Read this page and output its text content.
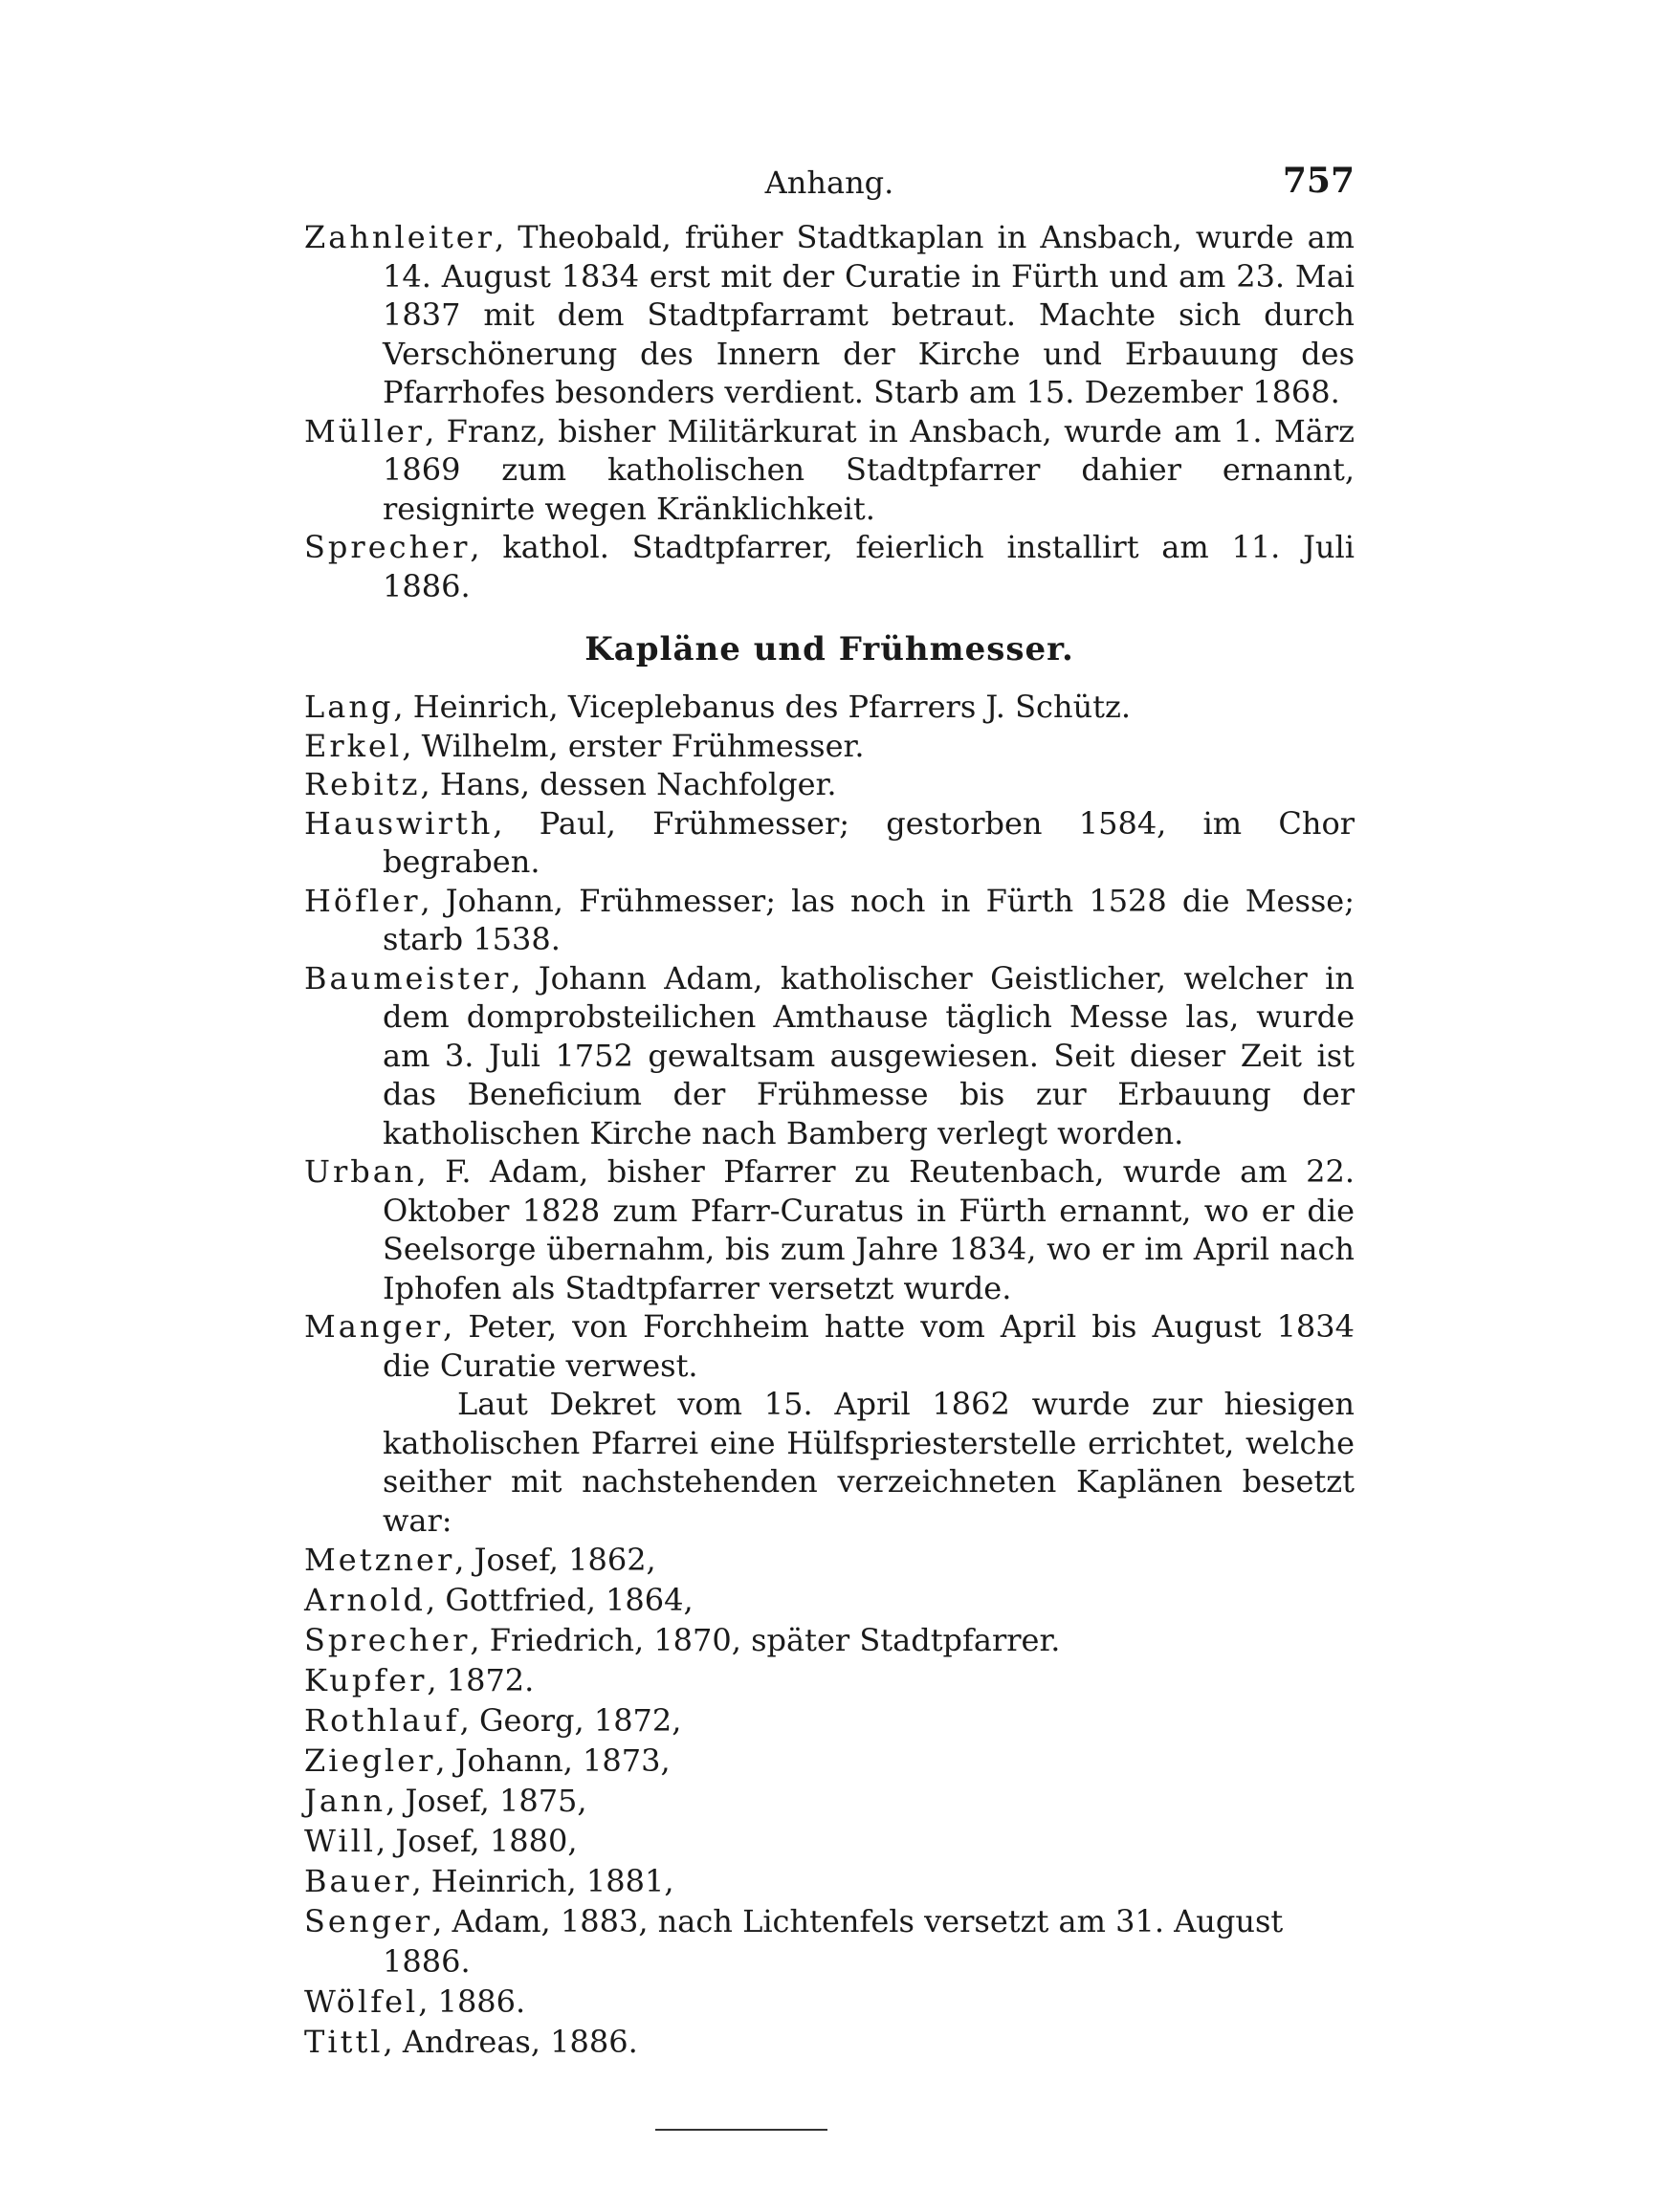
Anhang.	757

Zahnleiter, Theobald, früher Stadtkaplan in Ansbach, wurde am 14. August 1834 erst mit der Curatie in Fürth und am 23. Mai 1837 mit dem Stadtpfarramt betraut. Machte sich durch Verschönerung des Innern der Kirche und Erbauung des Pfarrhofes besonders verdient. Starb am 15. Dezember 1868.

Müller, Franz, bisher Militärkurat in Ansbach, wurde am 1. März 1869 zum katholischen Stadtpfarrer dahier ernannt, resignirte wegen Kränklichkeit.

Sprecher, kathol. Stadtpfarrer, feierlich installirt am 11. Juli 1886.

Kapläne und Frühmesser.

Lang, Heinrich, Viceplebanus des Pfarrers J. Schütz.

Erkel, Wilhelm, erster Frühmesser.

Rebitz, Hans, dessen Nachfolger.

Hauswirth, Paul, Frühmesser; gestorben 1584, im Chor begraben.

Höfler, Johann, Frühmesser; las noch in Fürth 1528 die Messe; starb 1538.

Baumeister, Johann Adam, katholischer Geistlicher, welcher in dem domprobsteilichen Amthause täglich Messe las, wurde am 3. Juli 1752 gewaltsam ausgewiesen. Seit dieser Zeit ist das Beneficium der Frühmesse bis zur Erbauung der katholischen Kirche nach Bamberg verlegt worden.

Urban, F. Adam, bisher Pfarrer zu Reutenbach, wurde am 22. Oktober 1828 zum Pfarr-Curatus in Fürth ernannt, wo er die Seelsorge übernahm, bis zum Jahre 1834, wo er im April nach Iphofen als Stadtpfarrer versetzt wurde.

Manger, Peter, von Forchheim hatte vom April bis August 1834 die Curatie verwest.

Laut Dekret vom 15. April 1862 wurde zur hiesigen katholischen Pfarrei eine Hülfspriesterstelle errichtet, welche seither mit nachstehenden verzeichneten Kaplänen besetzt war:

Metzner, Josef, 1862,

Arnold, Gottfried, 1864,

Sprecher, Friedrich, 1870, später Stadtpfarrer.

Kupfer, 1872.

Rothlauf, Georg, 1872,

Ziegler, Johann, 1873,

Jann, Josef, 1875,

Will, Josef, 1880,

Bauer, Heinrich, 1881,

Senger, Adam, 1883, nach Lichtenfels versetzt am 31. August 1886.

Wölfel, 1886.

Tittl, Andreas, 1886.
